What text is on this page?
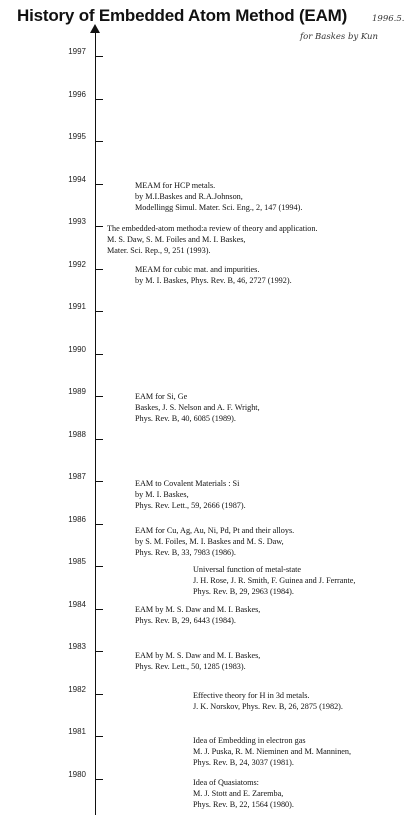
History of Embedded Atom Method (EAM)	1996.5.
for Baskes by Kun
1997
1996
1995
1994
1993
1992
1991
1990
1989
1988
1987
1986
1985
1984
1983
1982
1981
1980
MEAM for HCP metals.
by M.I.Baskes and R.A.Johnson,
Modellingg Simul. Mater. Sci. Eng., 2, 147 (1994).
The embedded-atom method:a review of theory and application.
M. S. Daw, S. M. Foiles and M. I. Baskes,
Mater. Sci. Rep., 9, 251 (1993).
MEAM for cubic mat. and impurities.
by M. I. Baskes, Phys. Rev. B, 46, 2727 (1992).
EAM for Si, Ge
Baskes, J. S. Nelson and A. F. Wright,
Phys. Rev. B, 40, 6085 (1989).
EAM to Covalent Materials : Si
by M. I. Baskes,
Phys. Rev. Lett., 59, 2666 (1987).
EAM for Cu, Ag, Au, Ni, Pd, Pt and their alloys.
by S. M. Foiles, M. I. Baskes and M. S. Daw,
Phys. Rev. B, 33, 7983 (1986).
Universal function of metal-state
J. H. Rose, J. R. Smith, F. Guinea and J. Ferrante,
Phys. Rev. B, 29, 2963 (1984).
EAM by M. S. Daw and M. I. Baskes,
Phys. Rev. B, 29, 6443 (1984).
EAM by M. S. Daw and M. I. Baskes,
Phys. Rev. Lett., 50, 1285 (1983).
Effective theory for H in 3d metals.
J. K. Norskov, Phys. Rev. B, 26, 2875 (1982).
Idea of Embedding in electron gas
M. J. Puska, R. M. Nieminen and M. Manninen,
Phys. Rev. B, 24, 3037 (1981).
Idea of Quasiatoms:
M. J. Stott and E. Zaremba,
Phys. Rev. B, 22, 1564 (1980).
